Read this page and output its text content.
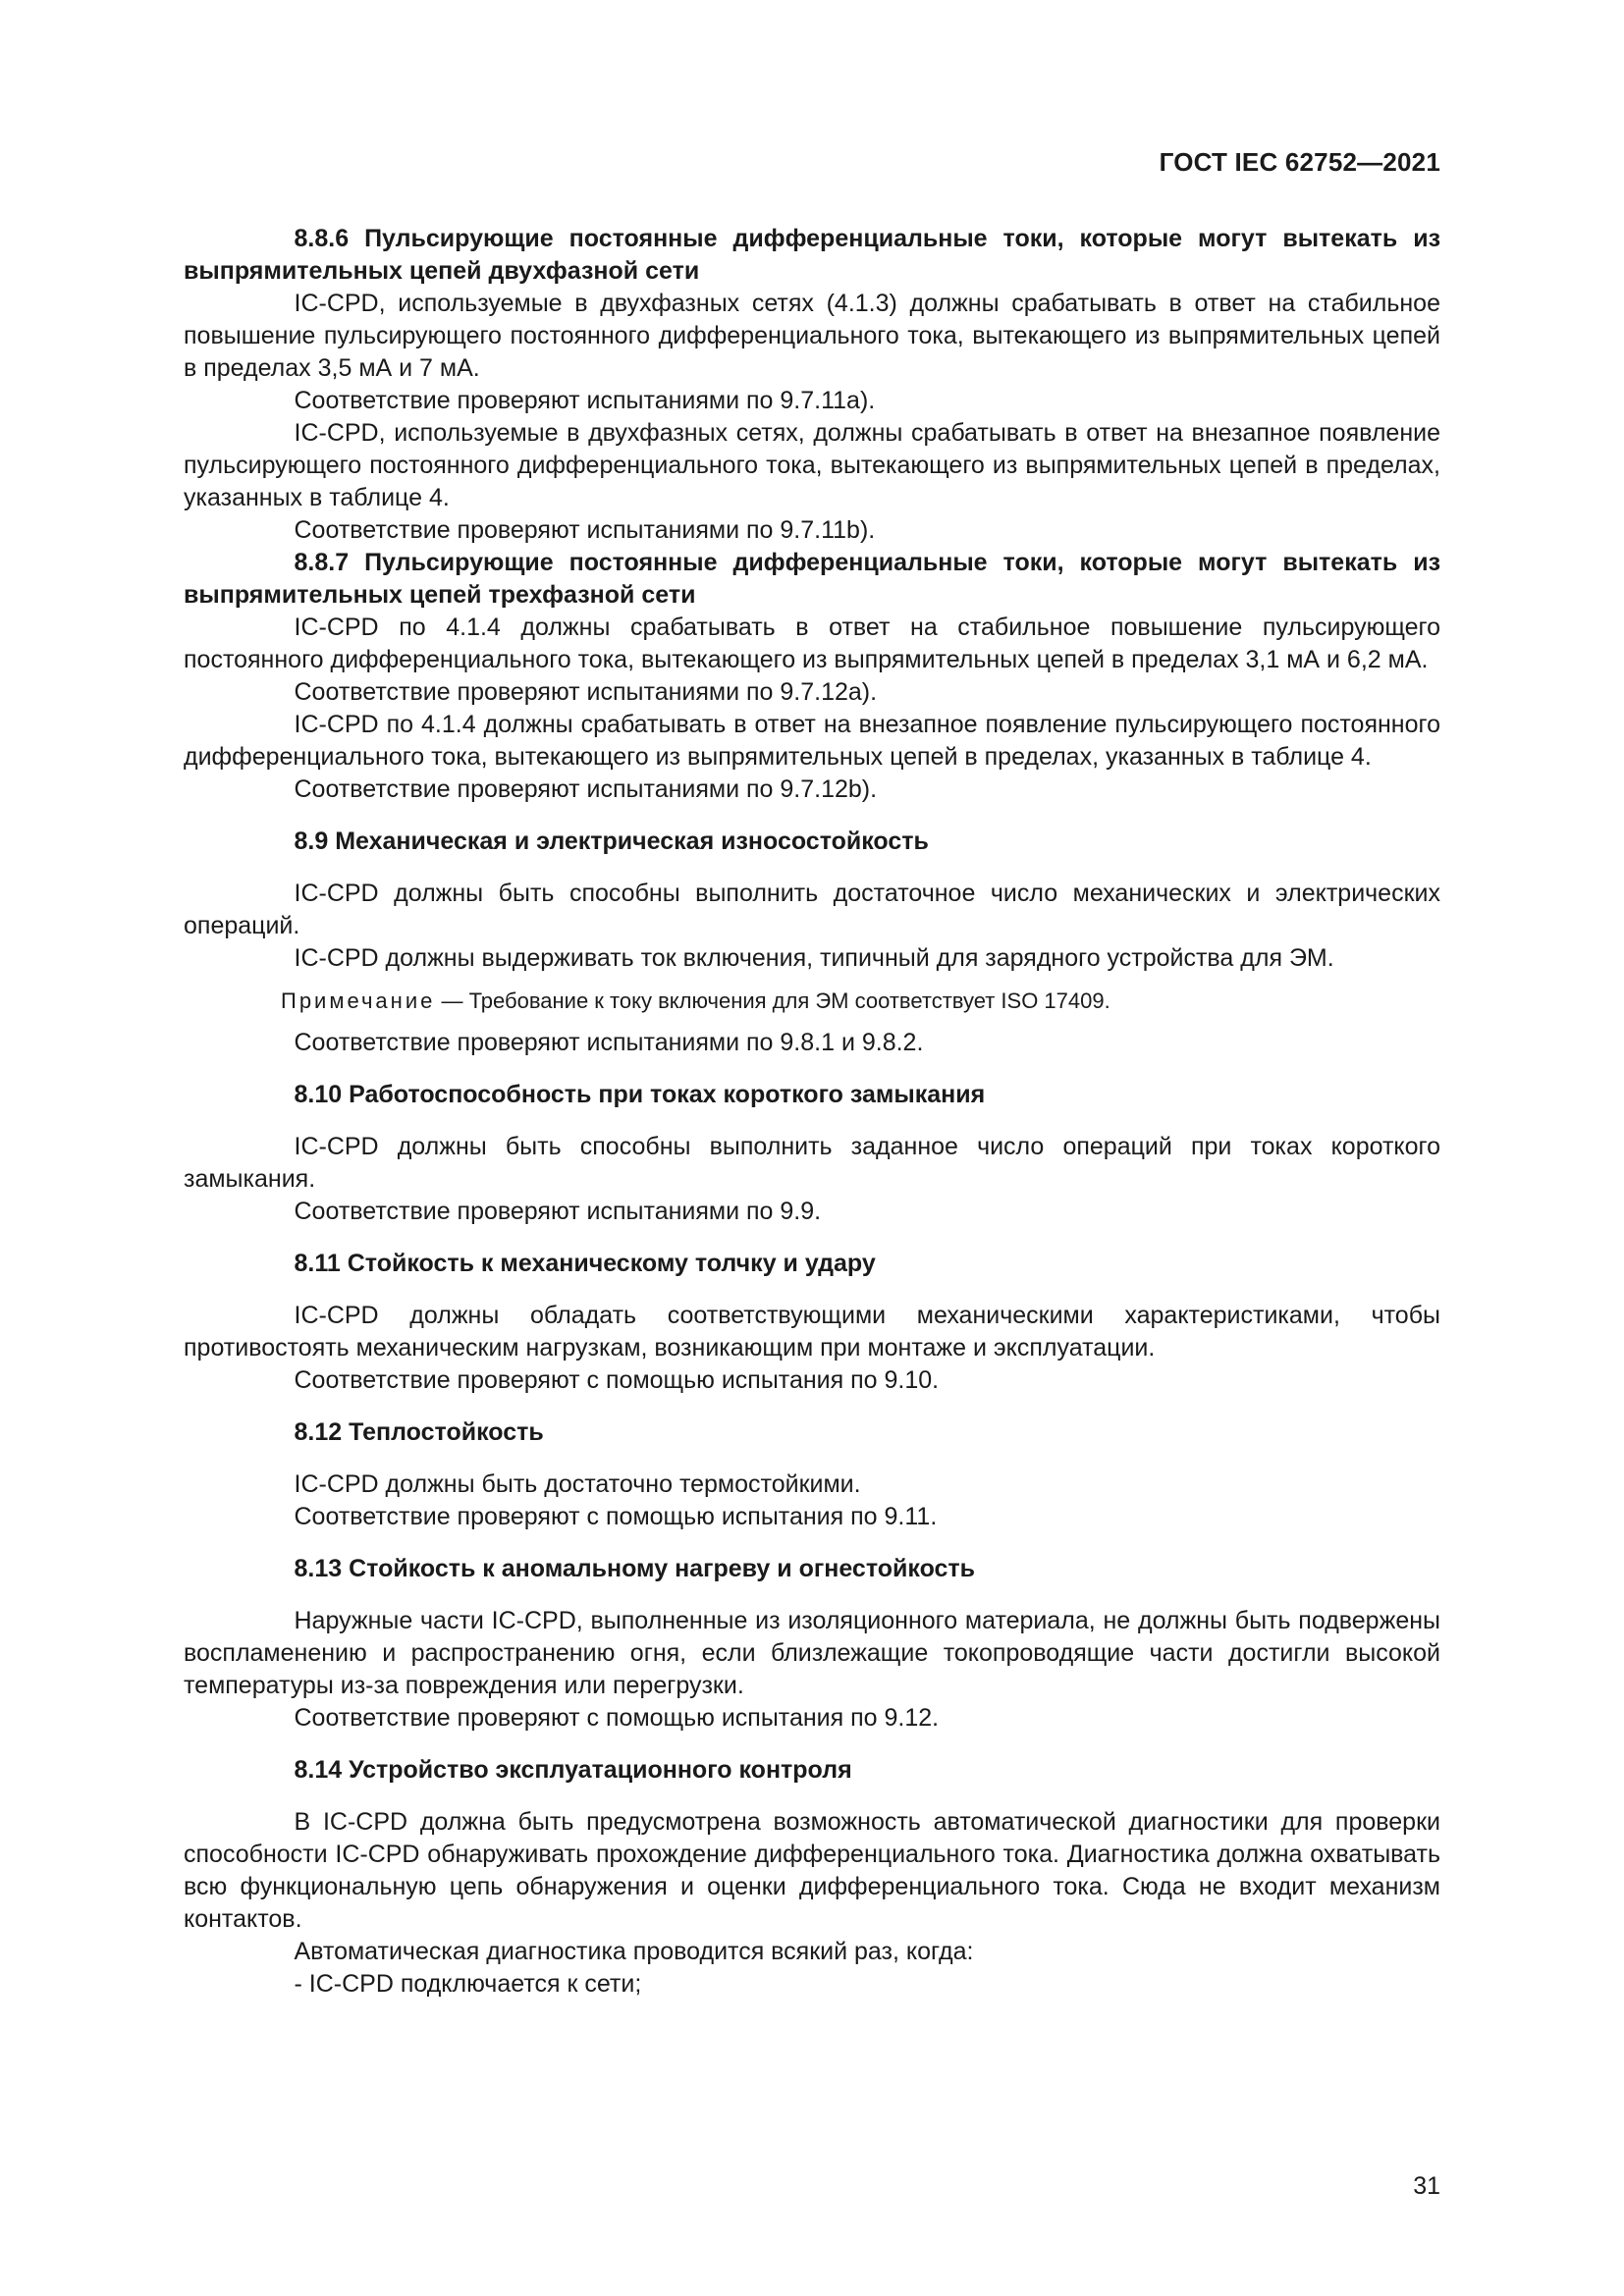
ГОСТ IEC 62752—2021

8.8.6 Пульсирующие постоянные дифференциальные токи, которые могут вытекать из выпрямительных цепей двухфазной сети

IC-CPD, используемые в двухфазных сетях (4.1.3) должны срабатывать в ответ на стабильное повышение пульсирующего постоянного дифференциального тока, вытекающего из выпрямительных цепей в пределах 3,5 мА и 7 мА.

Соответствие проверяют испытаниями по 9.7.11a).

IC-CPD, используемые в двухфазных сетях, должны срабатывать в ответ на внезапное появление пульсирующего постоянного дифференциального тока, вытекающего из выпрямительных цепей в пределах, указанных в таблице 4.

Соответствие проверяют испытаниями по 9.7.11b).

8.8.7 Пульсирующие постоянные дифференциальные токи, которые могут вытекать из выпрямительных цепей трехфазной сети

IC-CPD по 4.1.4 должны срабатывать в ответ на стабильное повышение пульсирующего постоянного дифференциального тока, вытекающего из выпрямительных цепей в пределах 3,1 мА и 6,2 мА.

Соответствие проверяют испытаниями по 9.7.12a).

IC-CPD по 4.1.4 должны срабатывать в ответ на внезапное появление пульсирующего постоянного дифференциального тока, вытекающего из выпрямительных цепей в пределах, указанных в таблице 4.

Соответствие проверяют испытаниями по 9.7.12b).

8.9 Механическая и электрическая износостойкость

IC-CPD должны быть способны выполнить достаточное число механических и электрических операций.

IC-CPD должны выдерживать ток включения, типичный для зарядного устройства для ЭМ.

Примечание — Требование к току включения для ЭМ соответствует ISO 17409.

Соответствие проверяют испытаниями по 9.8.1 и 9.8.2.

8.10 Работоспособность при токах короткого замыкания

IC-CPD должны быть способны выполнить заданное число операций при токах короткого замыкания.

Соответствие проверяют испытаниями по 9.9.

8.11 Стойкость к механическому толчку и удару

IC-CPD должны обладать соответствующими механическими характеристиками, чтобы противостоять механическим нагрузкам, возникающим при монтаже и эксплуатации.

Соответствие проверяют с помощью испытания по 9.10.

8.12 Теплостойкость

IC-CPD должны быть достаточно термостойкими.

Соответствие проверяют с помощью испытания по 9.11.

8.13 Стойкость к аномальному нагреву и огнестойкость

Наружные части IC-CPD, выполненные из изоляционного материала, не должны быть подвержены воспламенению и распространению огня, если близлежащие токопроводящие части достигли высокой температуры из-за повреждения или перегрузки.

Соответствие проверяют с помощью испытания по 9.12.

8.14 Устройство эксплуатационного контроля

В IC-CPD должна быть предусмотрена возможность автоматической диагностики для проверки способности IC-CPD обнаруживать прохождение дифференциального тока. Диагностика должна охватывать всю функциональную цепь обнаружения и оценки дифференциального тока. Сюда не входит механизм контактов.

Автоматическая диагностика проводится всякий раз, когда:

- IC-CPD подключается к сети;

31
